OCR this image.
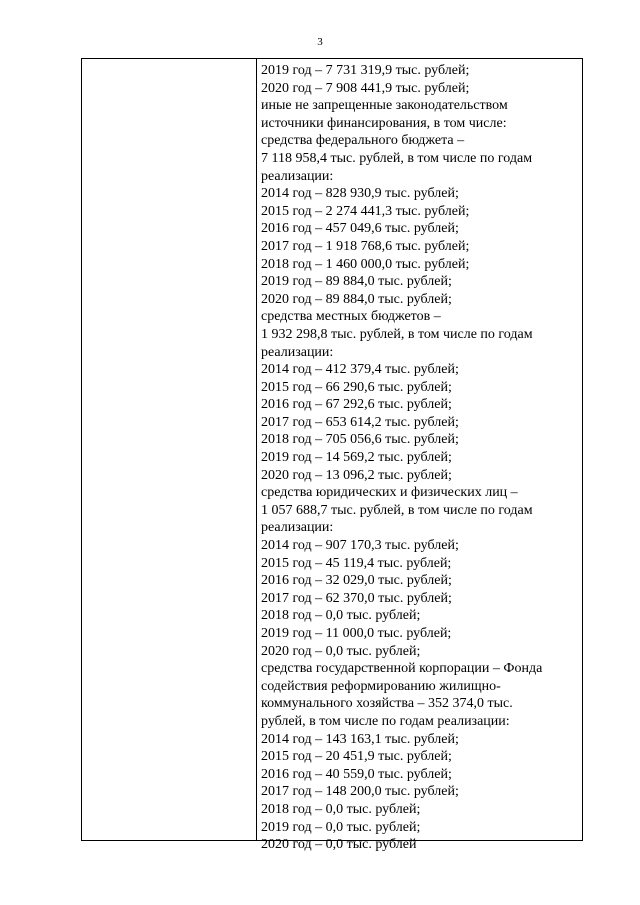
3
2019 год – 7 731 319,9 тыс. рублей;
2020 год – 7 908 441,9 тыс. рублей;
иные не запрещенные законодательством
источники финансирования, в том числе:
средства федерального бюджета –
7 118 958,4 тыс. рублей, в том числе по годам
реализации:
2014 год – 828 930,9 тыс. рублей;
2015 год – 2 274 441,3 тыс. рублей;
2016 год – 457 049,6 тыс. рублей;
2017 год – 1 918 768,6 тыс. рублей;
2018 год – 1 460 000,0 тыс. рублей;
2019 год – 89 884,0 тыс. рублей;
2020 год – 89 884,0 тыс. рублей;
средства местных бюджетов –
1 932 298,8 тыс. рублей, в том числе по годам
реализации:
2014 год – 412 379,4 тыс. рублей;
2015 год – 66 290,6 тыс. рублей;
2016 год – 67 292,6 тыс. рублей;
2017 год – 653 614,2 тыс. рублей;
2018 год – 705 056,6 тыс. рублей;
2019 год – 14 569,2 тыс. рублей;
2020 год – 13 096,2 тыс. рублей;
средства юридических и физических лиц –
1 057 688,7 тыс. рублей, в том числе по годам
реализации:
2014 год – 907 170,3 тыс. рублей;
2015 год – 45 119,4 тыс. рублей;
2016 год – 32 029,0 тыс. рублей;
2017 год – 62 370,0 тыс. рублей;
2018 год – 0,0 тыс. рублей;
2019 год – 11 000,0 тыс. рублей;
2020 год – 0,0 тыс. рублей;
средства государственной корпорации – Фонда
содействия реформированию жилищно-
коммунального хозяйства – 352 374,0 тыс.
рублей, в том числе по годам реализации:
2014 год – 143 163,1 тыс. рублей;
2015 год – 20 451,9 тыс. рублей;
2016 год – 40 559,0 тыс. рублей;
2017 год – 148 200,0 тыс. рублей;
2018 год – 0,0 тыс. рублей;
2019 год – 0,0 тыс. рублей;
2020 год – 0,0 тыс. рублей
